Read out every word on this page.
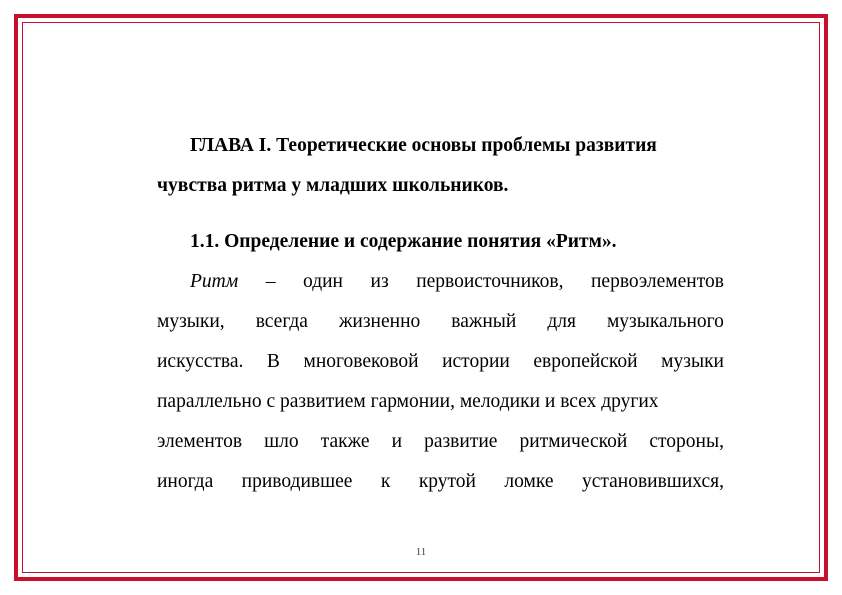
ГЛАВА I. Теоретические основы проблемы развития
чувства ритма у младших школьников.
1.1. Определение и содержание понятия «Ритм».
Ритм – один из первоисточников, первоэлементов
музыки, всегда жизненно важный для музыкального
искусства. В многовековой истории европейской музыки
параллельно с развитием гармонии, мелодики и всех других
элементов шло также и развитие ритмической стороны,
иногда приводившее к крутой ломке установившихся,
11
